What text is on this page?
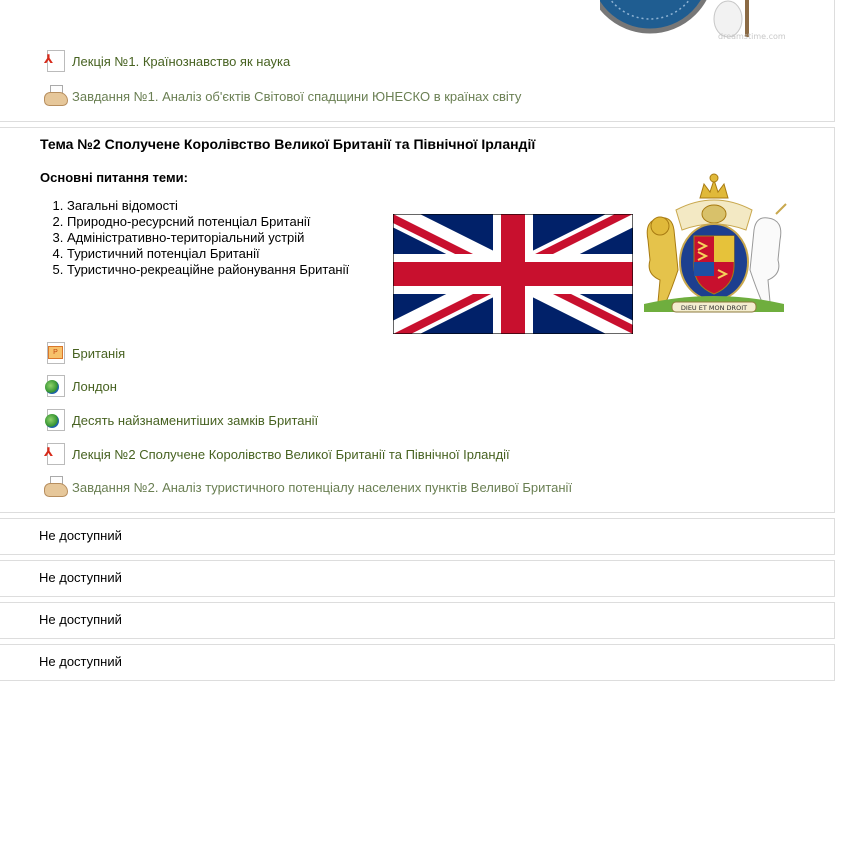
dreamstime.com
⅄	Лекція №1. Країнознавство як наука
Завдання №1. Аналіз об'єктів Світової спадщини ЮНЕСКО в країнах світу
Тема №2 Сполучене Королівство Великої Британії та Північної Ірландії
Основні питання теми:
1. Загальні відомості
2. Природно-ресурсний потенціал Британії
3. Адміністративно-територіальний устрій
4. Туристичний потенціал Британії
5. Туристично-рекреаційне районування Британії
DIEU ET MON DROIT
P	Британія
Лондон
Десять найзнаменитіших замків Британії
⅄	Лекція №2 Сполучене Королівство Великої Британії та Північної Ірландії
Завдання №2. Аналіз туристичного потенціалу населених пунктів Веливої Британії
Не доступний
Не доступний
Не доступний
Не доступний
